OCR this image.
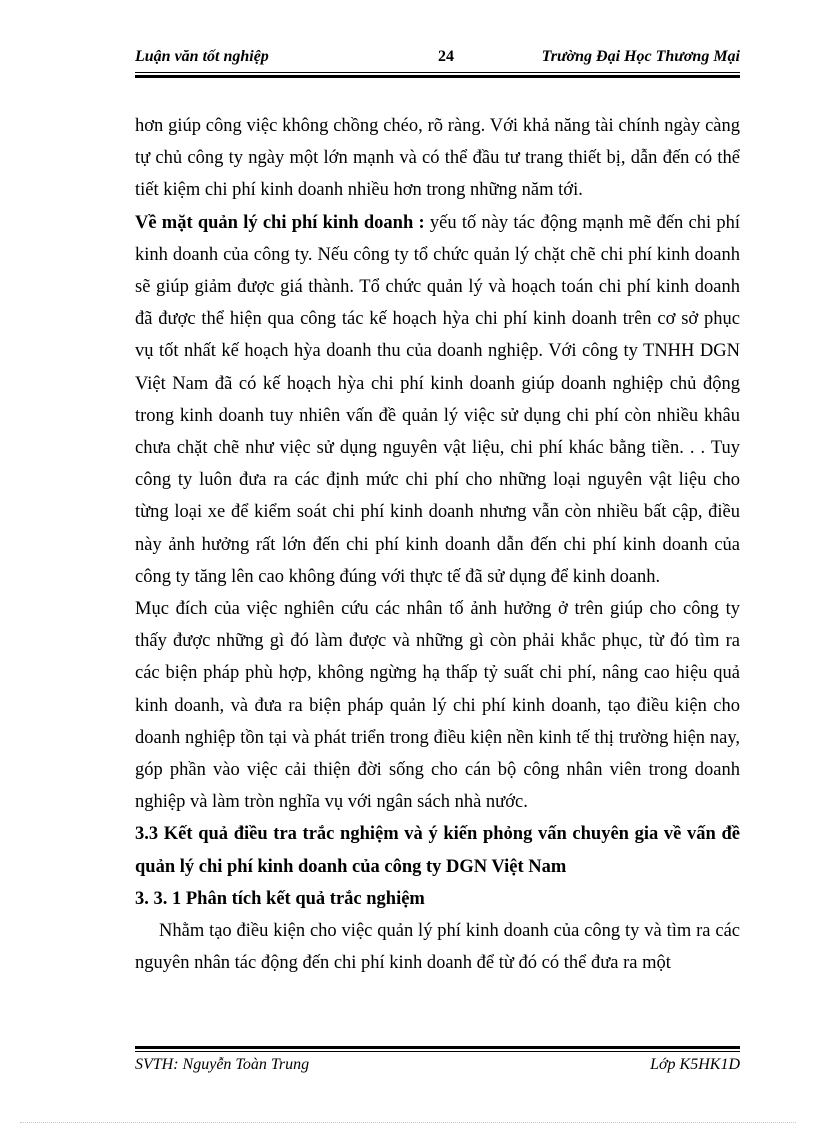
Luận văn tốt nghiệp	24	Trường Đại Học Thương Mại

hơn giúp công việc không chồng chéo, rõ ràng. Với khả năng tài chính ngày càng tự chủ công ty ngày một lớn mạnh và có thể đầu tư trang thiết bị, dẫn đến có thể tiết kiệm chi phí kinh doanh nhiều hơn trong những năm tới.

Về mặt quản lý chi phí kinh doanh : yếu tố này tác động mạnh mẽ đến chi phí kinh doanh của công ty. Nếu công ty tổ chức quản lý chặt chẽ chi phí kinh doanh sẽ giúp giảm được giá thành. Tổ chức quản lý và hoạch toán chi phí kinh doanh đã được thể hiện qua công tác kế hoạch hỳa chi phí kinh doanh trên cơ sở phục vụ tốt nhất kế hoạch hỳa doanh thu của doanh nghiệp. Với công ty TNHH DGN Việt Nam đã có kế hoạch hỳa chi phí kinh doanh giúp doanh nghiệp chủ động trong kinh doanh tuy nhiên vấn đề quản lý việc sử dụng chi phí còn nhiều khâu chưa chặt chẽ như việc sử dụng nguyên vật liệu, chi phí khác bằng tiền. . . Tuy công ty luôn đưa ra các định mức chi phí cho những loại nguyên vật liệu cho từng loại xe để kiểm soát chi phí kinh doanh nhưng vẫn còn nhiều bất cập, điều này ảnh hưởng rất lớn đến chi phí kinh doanh dẫn đến chi phí kinh doanh của công ty tăng lên cao không đúng với thực tế đã sử dụng để kinh doanh.

Mục đích của việc nghiên cứu các nhân tố ảnh hưởng ở trên giúp cho công ty thấy được những gì đó làm được và những gì còn phải khắc phục, từ đó tìm ra các biện pháp phù hợp, không ngừng hạ thấp tỷ suất chi phí, nâng cao hiệu quả kinh doanh, và đưa ra biện pháp quản lý chi phí kinh doanh, tạo điều kiện cho doanh nghiệp tồn tại và phát triển trong điều kiện nền kinh tế thị trường hiện nay, góp phần vào việc cải thiện đời sống cho cán bộ công nhân viên trong doanh nghiệp và làm tròn nghĩa vụ với ngân sách nhà nước.

3.3 Kết quả điều tra trắc nghiệm và ý kiến phỏng vấn chuyên gia về vấn đề quản lý chi phí kinh doanh của công ty DGN Việt Nam

3. 3. 1 Phân tích kết quả trắc nghiệm

Nhằm tạo điều kiện cho việc quản lý phí kinh doanh của công ty và tìm ra các nguyên nhân tác động đến chi phí kinh doanh để từ đó có thể đưa ra một

SVTH: Nguyễn Toàn Trung	Lớp K5HK1D
